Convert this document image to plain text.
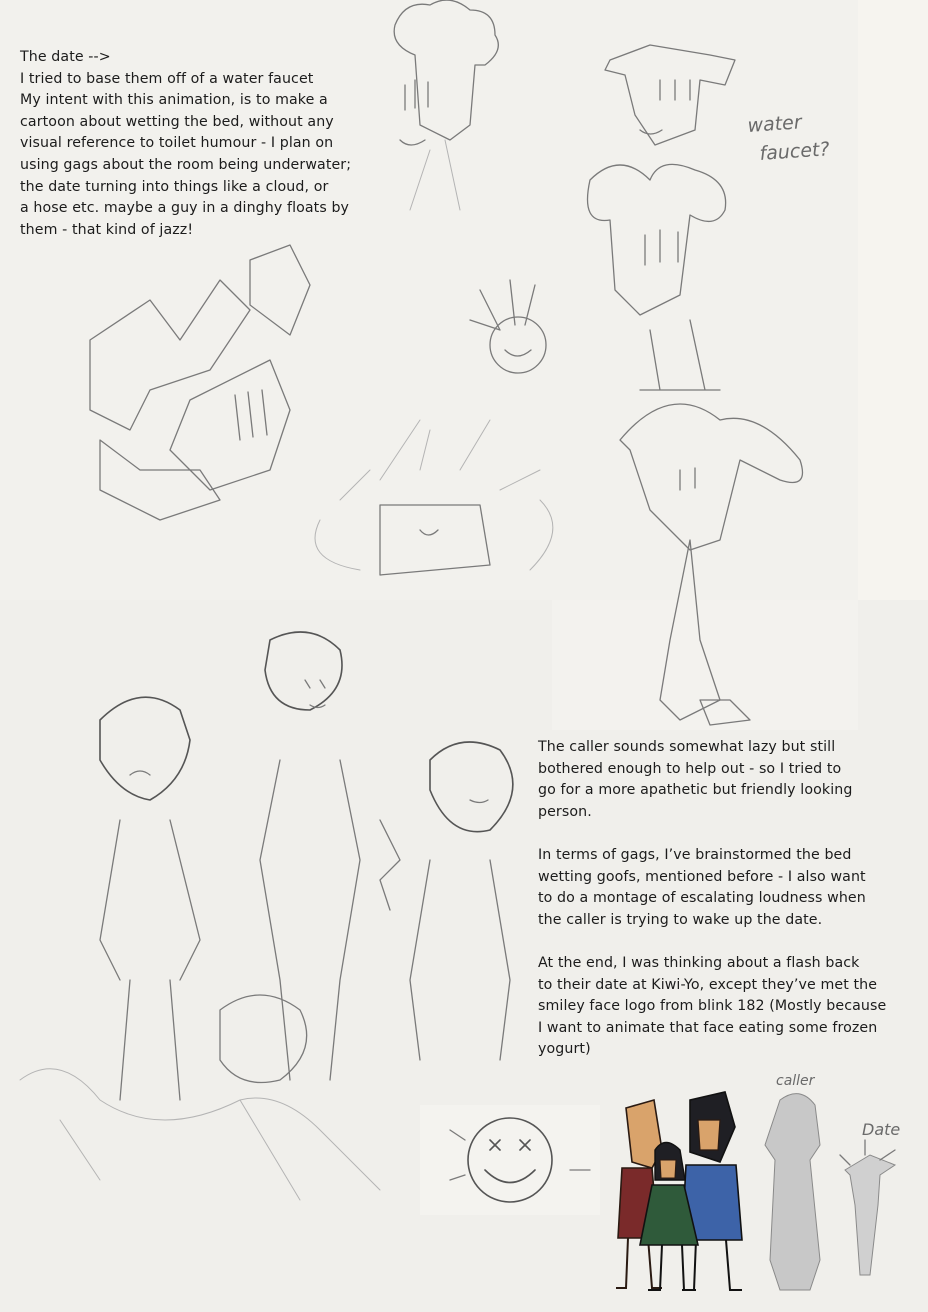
water
faucet?
caller
Date

The date -->

I tried to base them off of a water faucet

My intent with this animation, is to make a

cartoon about wetting the bed, without any

visual reference to toilet humour - I plan on

using gags about the room being underwater;

the date turning into things like a cloud, or

a hose etc. maybe a guy in a dinghy floats by

them - that kind of jazz!

The caller sounds somewhat lazy but still

bothered enough to help out - so I tried to

go for a more apathetic but friendly looking

person.

In terms of gags, I’ve brainstormed the bed

wetting goofs, mentioned before - I also want

to do a montage of escalating loudness when

the caller is trying to wake up the date.

At the end, I was thinking about a flash back

to their date at Kiwi-Yo, except they’ve met the

smiley face logo from blink 182 (Mostly because

I want to animate that face eating some frozen

yogurt)
